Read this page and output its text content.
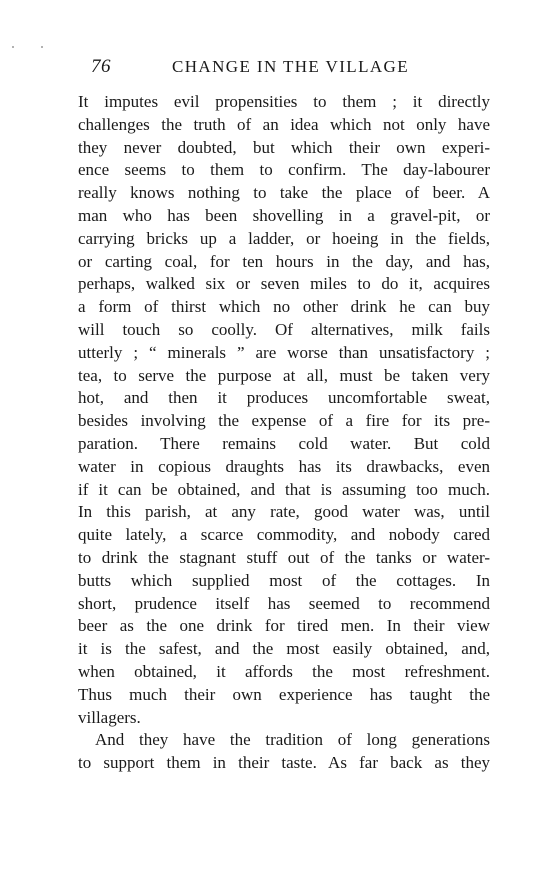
76	CHANGE IN THE VILLAGE
It imputes evil propensities to them ; it directly
challenges the truth of an idea which not only have
they never doubted, but which their own experi-
ence seems to them to confirm. The day-labourer
really knows nothing to take the place of beer. A
man who has been shovelling in a gravel-pit, or
carrying bricks up a ladder, or hoeing in the fields,
or carting coal, for ten hours in the day, and has,
perhaps, walked six or seven miles to do it, acquires
a form of thirst which no other drink he can buy
will touch so coolly. Of alternatives, milk fails
utterly ; “ minerals ” are worse than unsatisfactory ;
tea, to serve the purpose at all, must be taken very
hot, and then it produces uncomfortable sweat,
besides involving the expense of a fire for its pre-
paration. There remains cold water. But cold
water in copious draughts has its drawbacks, even
if it can be obtained, and that is assuming too much.
In this parish, at any rate, good water was, until
quite lately, a scarce commodity, and nobody cared
to drink the stagnant stuff out of the tanks or water-
butts which supplied most of the cottages. In
short, prudence itself has seemed to recommend
beer as the one drink for tired men. In their view
it is the safest, and the most easily obtained, and,
when obtained, it affords the most refreshment.
Thus much their own experience has taught the
villagers.
And they have the tradition of long generations
to support them in their taste. As far back as they
